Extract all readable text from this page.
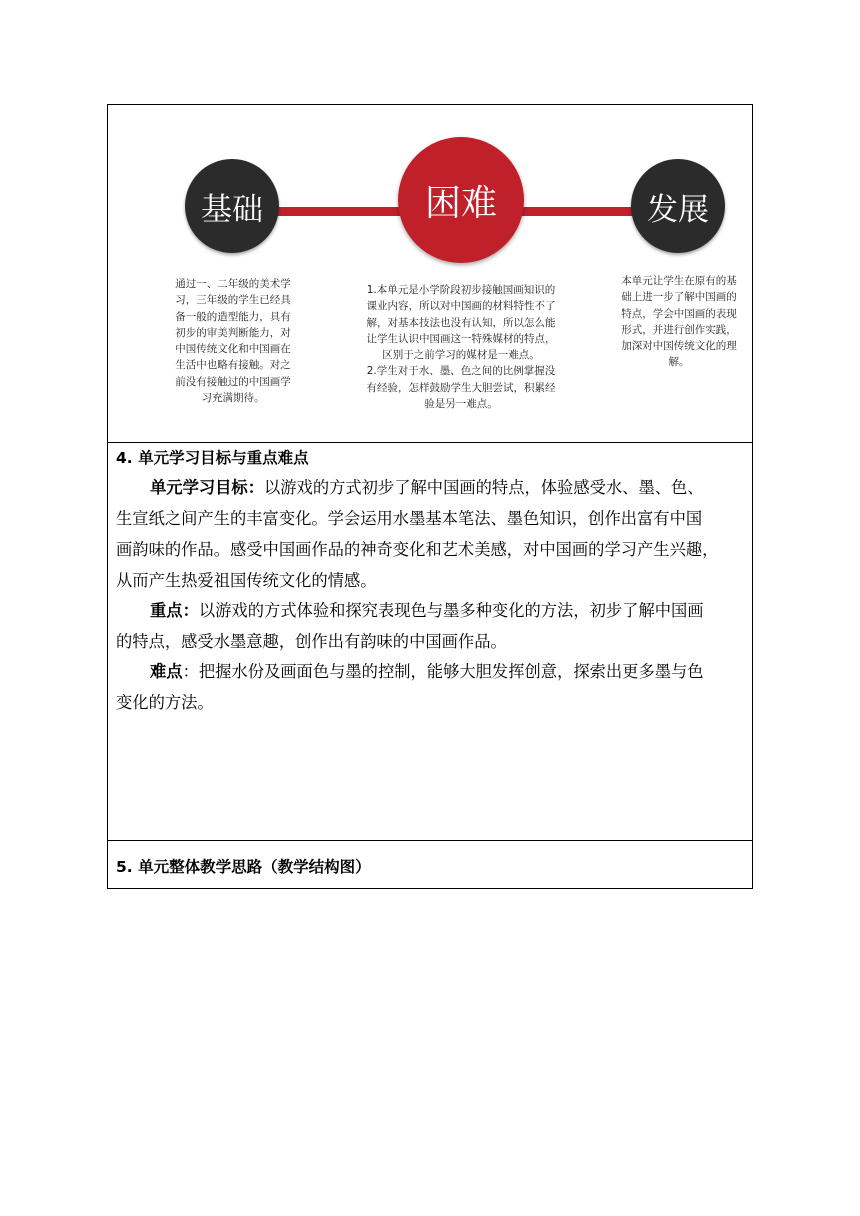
基础	困难	发展
通过一、二年级的美术学
习，三年级的学生已经具
备一般的造型能力，具有
初步的审美判断能力，对
中国传统文化和中国画在
生活中也略有接触。对之
前没有接触过的中国画学
习充满期待。
1.本单元是小学阶段初步接触国画知识的
课业内容，所以对中国画的材料特性不了
解，对基本技法也没有认知，所以怎么能
让学生认识中国画这一特殊媒材的特点，
区别于之前学习的媒材是一难点。
2.学生对于水、墨、色之间的比例掌握没
有经验，怎样鼓励学生大胆尝试，积累经
验是另一难点。
本单元让学生在原有的基
础上进一步了解中国画的
特点，学会中国画的表现
形式，并进行创作实践，
加深对中国传统文化的理
解。
4. 单元学习目标与重点难点
单元学习目标：以游戏的方式初步了解中国画的特点，体验感受水、墨、色、
生宣纸之间产生的丰富变化。学会运用水墨基本笔法、墨色知识，创作出富有中国
画韵味的作品。感受中国画作品的神奇变化和艺术美感，对中国画的学习产生兴趣，
从而产生热爱祖国传统文化的情感。
重点：以游戏的方式体验和探究表现色与墨多种变化的方法，初步了解中国画
的特点，感受水墨意趣，创作出有韵味的中国画作品。
难点：把握水份及画面色与墨的控制，能够大胆发挥创意，探索出更多墨与色
变化的方法。
5. 单元整体教学思路（教学结构图）
